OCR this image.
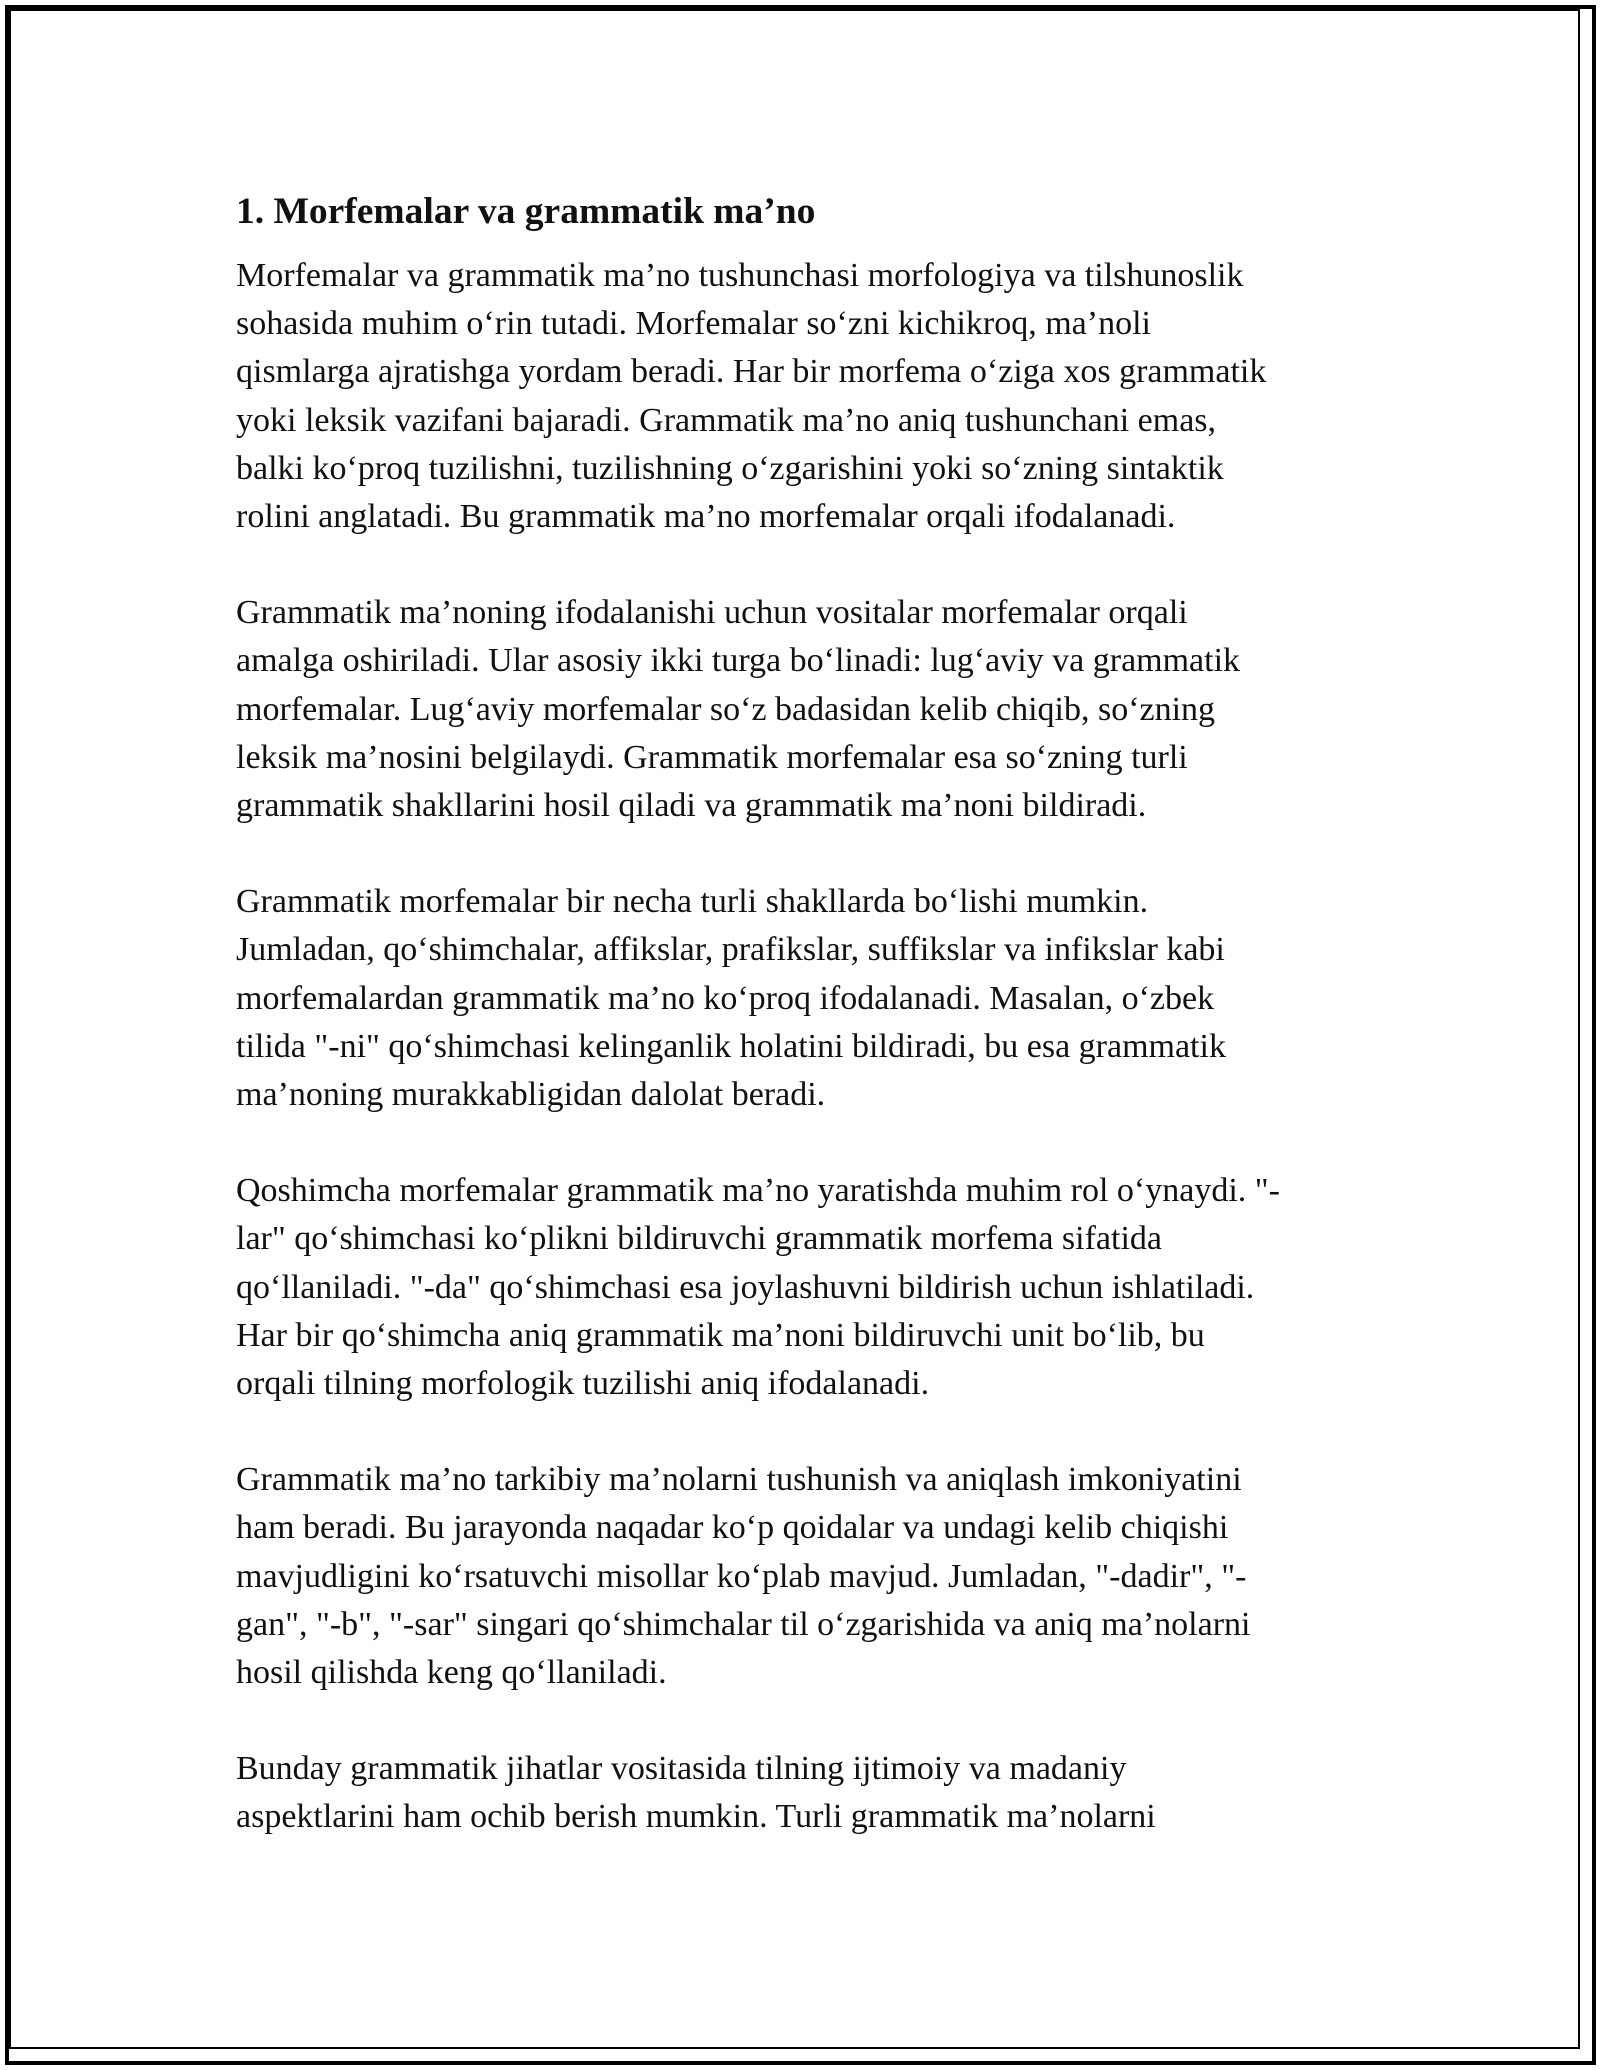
1. Morfemalar va grammatik ma’no

Morfemalar va grammatik ma’no tushunchasi morfologiya va tilshunoslik
sohasida muhim o‘rin tutadi. Morfemalar so‘zni kichikroq, ma’noli
qismlarga ajratishga yordam beradi. Har bir morfema o‘ziga xos grammatik
yoki leksik vazifani bajaradi. Grammatik ma’no aniq tushunchani emas,
balki ko‘proq tuzilishni, tuzilishning o‘zgarishini yoki so‘zning sintaktik
rolini anglatadi. Bu grammatik ma’no morfemalar orqali ifodalanadi.

Grammatik ma’noning ifodalanishi uchun vositalar morfemalar orqali
amalga oshiriladi. Ular asosiy ikki turga bo‘linadi: lug‘aviy va grammatik
morfemalar. Lug‘aviy morfemalar so‘z badasidan kelib chiqib, so‘zning
leksik ma’nosini belgilaydi. Grammatik morfemalar esa so‘zning turli
grammatik shakllarini hosil qiladi va grammatik ma’noni bildiradi.

Grammatik morfemalar bir necha turli shakllarda bo‘lishi mumkin.
Jumladan, qo‘shimchalar, affikslar, prafikslar, suffikslar va infikslar kabi
morfemalardan grammatik ma’no ko‘proq ifodalanadi. Masalan, o‘zbek
tilida "-ni" qo‘shimchasi kelinganlik holatini bildiradi, bu esa grammatik
ma’noning murakkabligidan dalolat beradi.

Qoshimcha morfemalar grammatik ma’no yaratishda muhim rol o‘ynaydi. "-
lar" qo‘shimchasi ko‘plikni bildiruvchi grammatik morfema sifatida
qo‘llaniladi. "-da" qo‘shimchasi esa joylashuvni bildirish uchun ishlatiladi.
Har bir qo‘shimcha aniq grammatik ma’noni bildiruvchi unit bo‘lib, bu
orqali tilning morfologik tuzilishi aniq ifodalanadi.

Grammatik ma’no tarkibiy ma’nolarni tushunish va aniqlash imkoniyatini
ham beradi. Bu jarayonda naqadar ko‘p qoidalar va undagi kelib chiqishi
mavjudligini ko‘rsatuvchi misollar ko‘plab mavjud. Jumladan, "-dadir", "-
gan", "-b", "-sar" singari qo‘shimchalar til o‘zgarishida va aniq ma’nolarni
hosil qilishda keng qo‘llaniladi.

Bunday grammatik jihatlar vositasida tilning ijtimoiy va madaniy
aspektlarini ham ochib berish mumkin. Turli grammatik ma’nolarni
